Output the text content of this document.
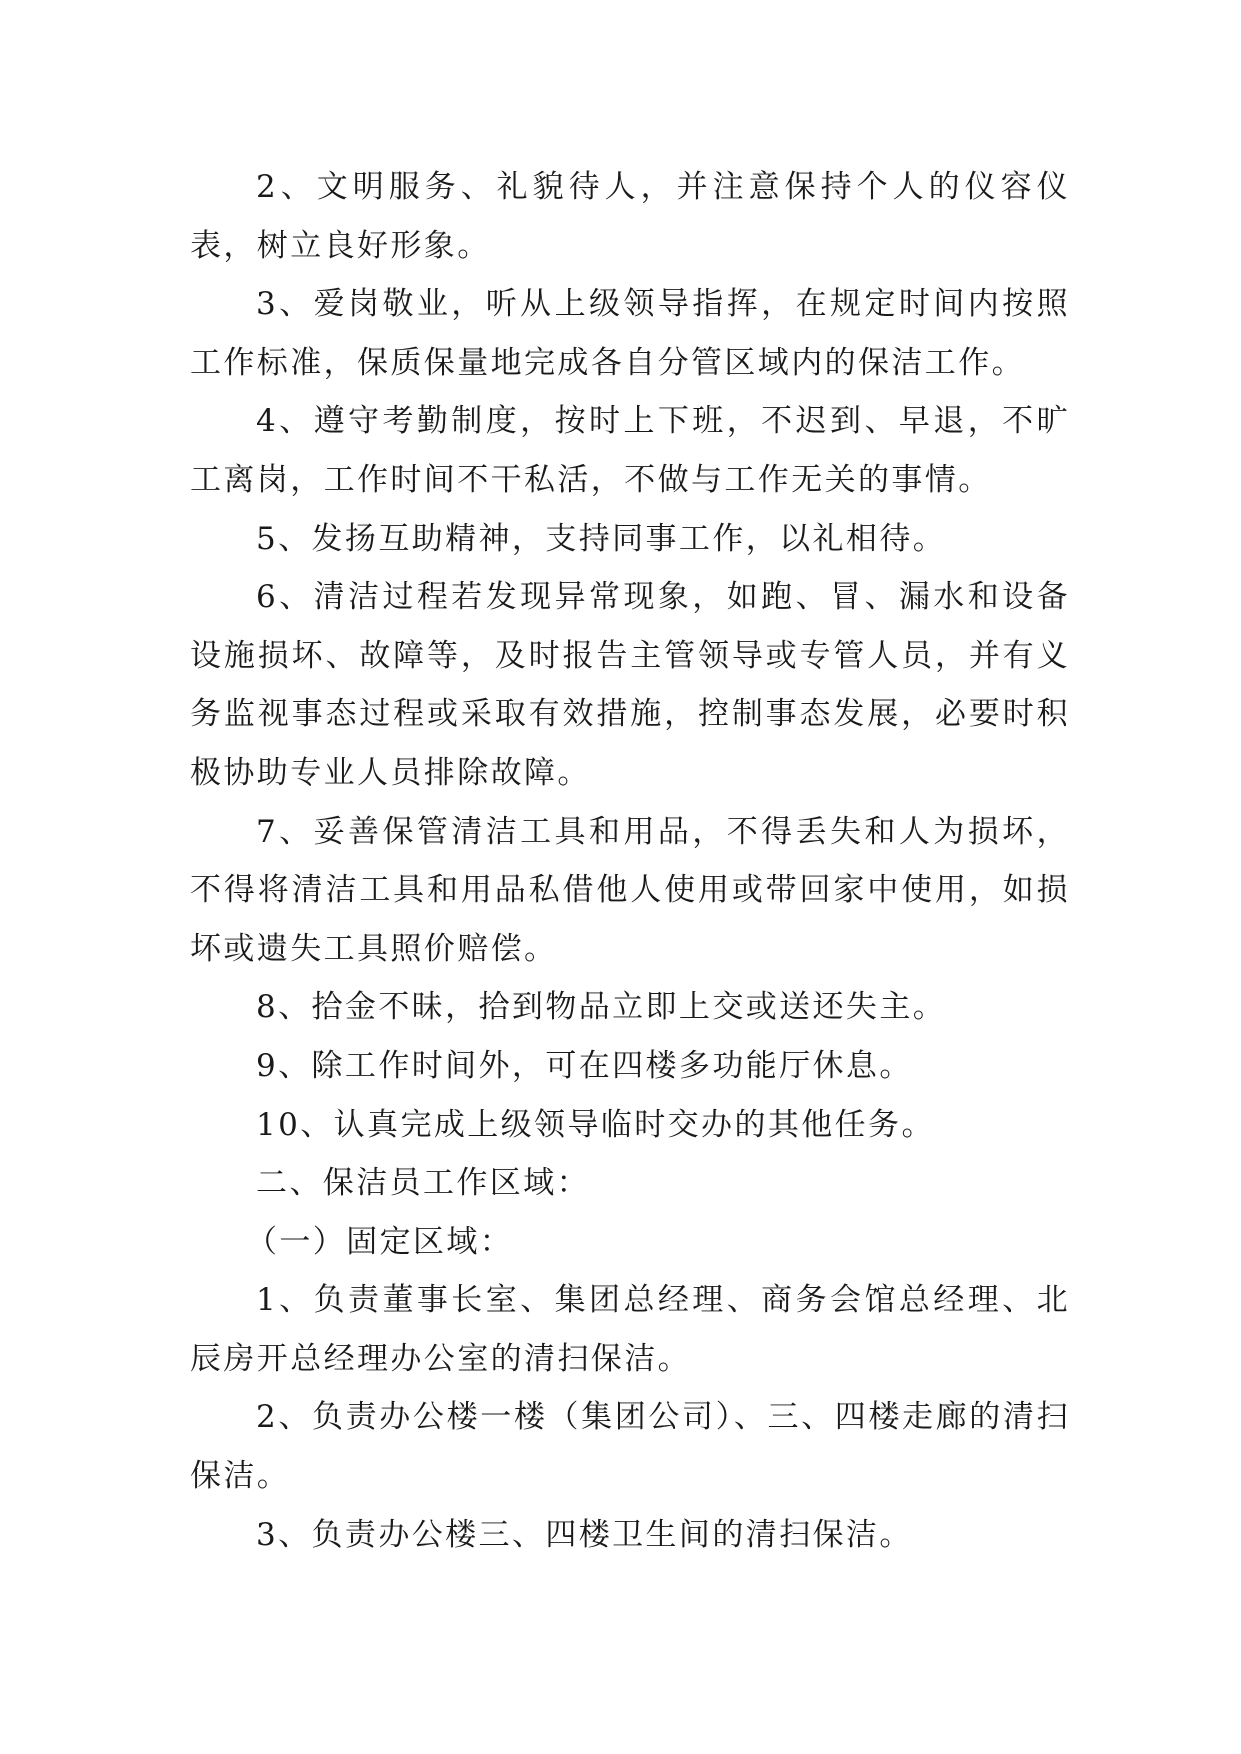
2、文明服务、礼貌待人，并注意保持个人的仪容仪表，树立良好形象。

3、爱岗敬业，听从上级领导指挥，在规定时间内按照工作标准，保质保量地完成各自分管区域内的保洁工作。

4、遵守考勤制度，按时上下班，不迟到、早退，不旷工离岗，工作时间不干私活，不做与工作无关的事情。

5、发扬互助精神，支持同事工作，以礼相待。

6、清洁过程若发现异常现象，如跑、冒、漏水和设备设施损坏、故障等，及时报告主管领导或专管人员，并有义务监视事态过程或采取有效措施，控制事态发展，必要时积极协助专业人员排除故障。

7、妥善保管清洁工具和用品，不得丢失和人为损坏，不得将清洁工具和用品私借他人使用或带回家中使用，如损坏或遗失工具照价赔偿。

8、拾金不昧，拾到物品立即上交或送还失主。

9、除工作时间外，可在四楼多功能厅休息。

10、认真完成上级领导临时交办的其他任务。

二、保洁员工作区域：

（一）固定区域：

1、负责董事长室、集团总经理、商务会馆总经理、北辰房开总经理办公室的清扫保洁。

2、负责办公楼一楼（集团公司）、三、四楼走廊的清扫保洁。

3、负责办公楼三、四楼卫生间的清扫保洁。
